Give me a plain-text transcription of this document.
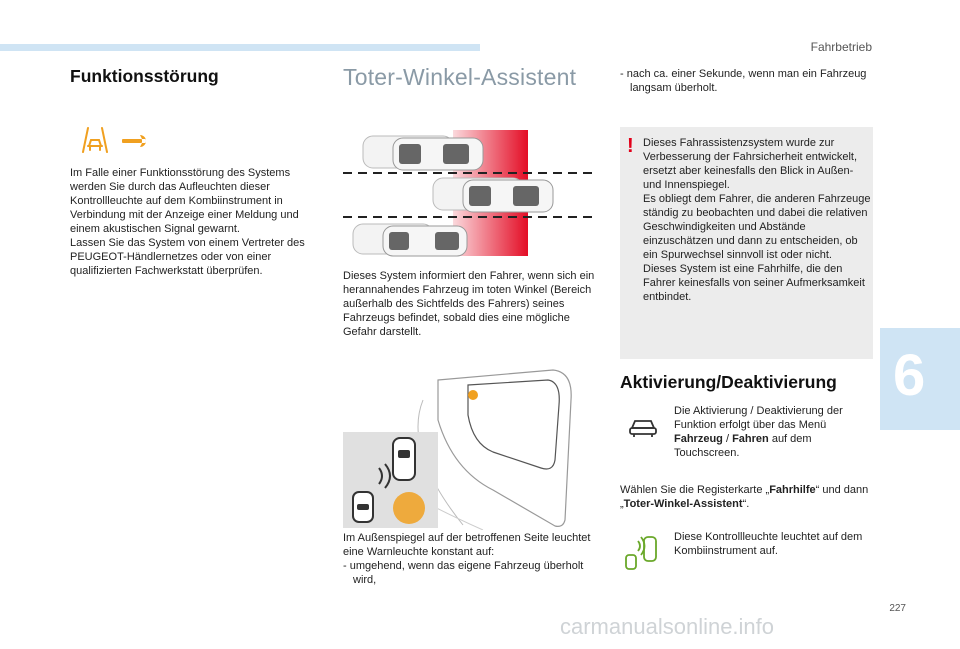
Fahrbetrieb
6
Funktionsstörung

Im Falle einer Funktionsstörung des Systems werden Sie durch das Aufleuchten dieser Kontrollleuchte auf dem Kombiinstrument in Verbindung mit der Anzeige einer Meldung und einem akustischen Signal gewarnt.

Lassen Sie das System von einem Vertreter des PEUGEOT-Händlernetzes oder von einer qualifizierten Fachwerkstatt überprüfen.

Toter-Winkel-Assistent
Dieses System informiert den Fahrer, wenn sich ein herannahendes Fahrzeug im toten Winkel (Bereich außerhalb des Sichtfelds des Fahrers) seines Fahrzeugs befindet, sobald dies eine mögliche Gefahr darstellt.

Im Außenspiegel auf der betroffenen Seite leuchtet eine Warnleuchte konstant auf:

- umgehend, wenn das eigene Fahrzeug überholt wird,
- nach ca. einer Sekunde, wenn man ein Fahrzeug langsam überholt.
! Dieses Fahrassistenzsystem wurde zur Verbesserung der Fahrsicherheit entwickelt, ersetzt aber keinesfalls den Blick in Außen- und Innenspiegel.

Es obliegt dem Fahrer, die anderen Fahrzeuge ständig zu beobachten und dabei die relativen Geschwindigkeiten und Abstände einzuschätzen und dann zu entscheiden, ob ein Spurwechsel sinnvoll ist oder nicht.

Dieses System ist eine Fahrhilfe, die den Fahrer keinesfalls von seiner Aufmerksamkeit entbindet.

Aktivierung/Deaktivierung
Die Aktivierung / Deaktivierung der Funktion erfolgt über das Menü Fahrzeug / Fahren auf dem Touchscreen.
Wählen Sie die Registerkarte „Fahrhilfe“ und dann „Toter-Winkel-Assistent“.
Diese Kontrollleuchte leuchtet auf dem Kombiinstrument auf.
227
carmanualsonline.info
